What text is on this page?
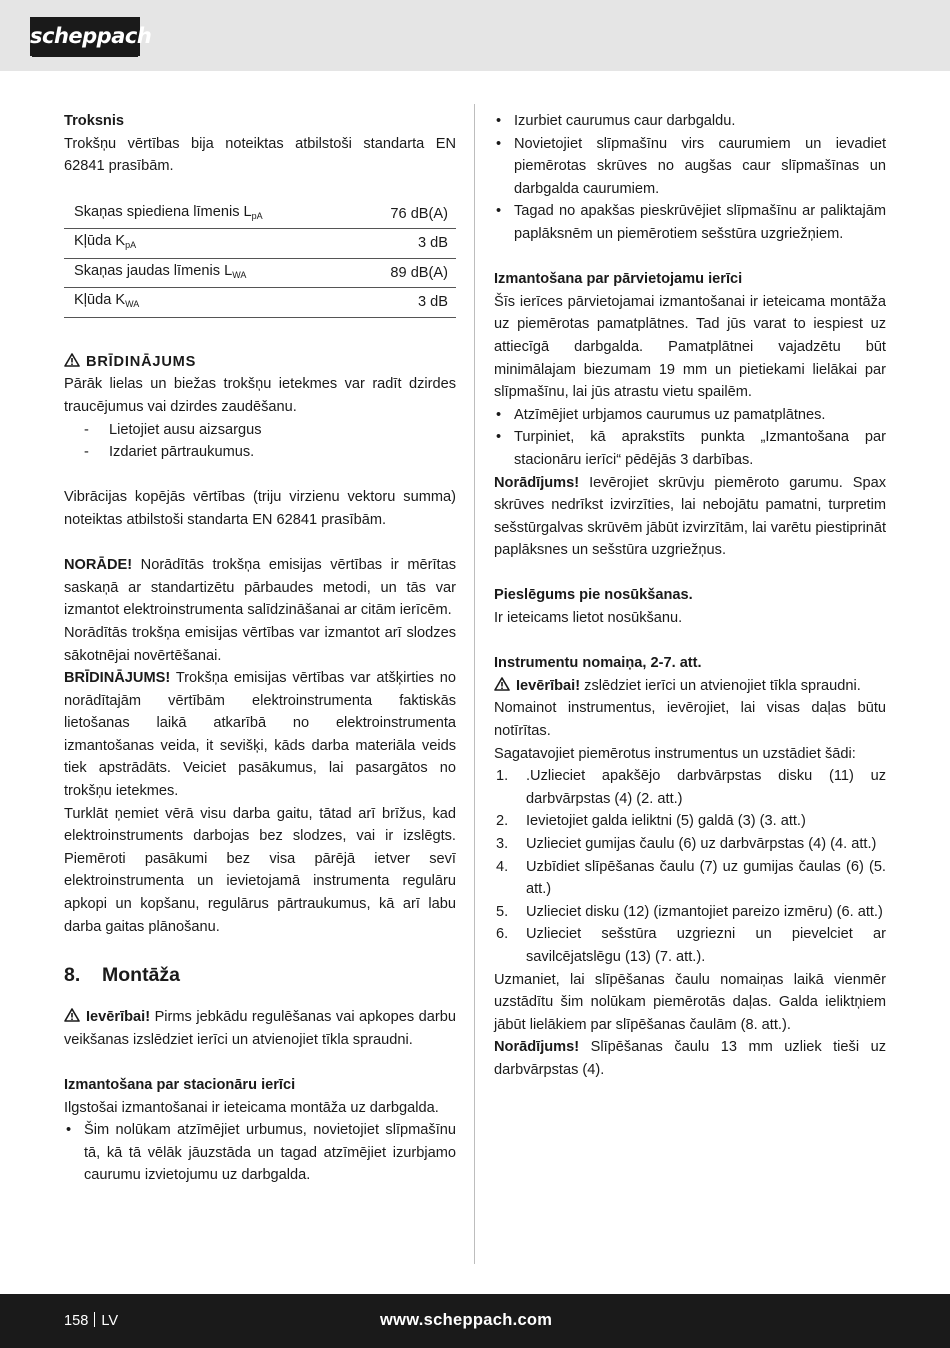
scheppach

Troksnis

Trokšņu vērtības bija noteiktas atbilstoši standarta EN 62841 prasībām.

Skaņas spiediena līmenis $L_{pA}$	76 dB(A)
Kļūda $K_{pA}$	3 dB
Skaņas jaudas līmenis $L_{WA}$	89 dB(A)
Kļūda $K_{WA}$	3 dB

BRĪDINĀJUMS

Pārāk lielas un biežas trokšņu ietekmes var radīt dzirdes traucējumus vai dzirdes zaudēšanu.

- Lietojiet ausu aizsargus
- Izdariet pārtraukumus.

Vibrācijas kopējās vērtības (triju virzienu vektoru summa) noteiktas atbilstoši standarta EN 62841 prasībām.

NORĀDE! Norādītās trokšņa emisijas vērtības ir mērītas saskaņā ar standartizētu pārbaudes metodi, un tās var izmantot elektroinstrumenta salīdzināšanai ar citām ierīcēm.

Norādītās trokšņa emisijas vērtības var izmantot arī slodzes sākotnējai novērtēšanai.

BRĪDINĀJUMS! Trokšņa emisijas vērtības var atšķirties no norādītajām vērtībām elektroinstrumenta faktiskās lietošanas laikā atkarībā no elektroinstrumenta izmantošanas veida, it sevišķi, kāds darba materiāla veids tiek apstrādāts. Veiciet pasākumus, lai pasargātos no trokšņu ietekmes.

Turklāt ņemiet vērā visu darba gaitu, tātad arī brīžus, kad elektroinstruments darbojas bez slodzes, vai ir izslēgts. Piemēroti pasākumi bez visa pārējā ietver sevī elektroinstrumenta un ievietojamā instrumenta regulāru apkopi un kopšanu, regulārus pārtraukumus, kā arī labu darba gaitas plānošanu.

8. Montāža

Ievērībai! Pirms jebkādu regulēšanas vai apkopes darbu veikšanas izslēdziet ierīci un atvienojiet tīkla spraudni.

Izmantošana par stacionāru ierīci

Ilgstošai izmantošanai ir ieteicama montāža uz darbgalda.

• Šim nolūkam atzīmējiet urbumus, novietojiet slīpmašīnu tā, kā tā vēlāk jāuzstāda un tagad atzīmējiet izurbjamo caurumu izvietojumu uz darbgalda.
• Izurbiet caurumus caur darbgaldu.
• Novietojiet slīpmašīnu virs caurumiem un ievadiet piemērotas skrūves no augšas caur slīpmašīnas un darbgalda caurumiem.
• Tagad no apakšas pieskrūvējiet slīpmašīnu ar paliktajām paplāksnēm un piemērotiem sešstūra uzgriežņiem.

Izmantošana par pārvietojamu ierīci

Šīs ierīces pārvietojamai izmantošanai ir ieteicama montāža uz piemērotas pamatplātnes. Tad jūs varat to iespiest uz attiecīgā darbgalda. Pamatplātnei vajadzētu būt minimālajam biezumam 19 mm un pietiekami lielākai par slīpmašīnu, lai jūs atrastu vietu spailēm.

• Atzīmējiet urbjamos caurumus uz pamatplātnes.
• Turpiniet, kā aprakstīts punkta „Izmantošana par stacionāru ierīci“ pēdējās 3 darbības.

Norādījums! Ievērojiet skrūvju piemēroto garumu. Spax skrūves nedrīkst izvirzīties, lai nebojātu pamatni, turpretim sešstūrgalvas skrūvēm jābūt izvirzītām, lai varētu piestiprināt paplāksnes un sešstūra uzgriežņus.

Pieslēgums pie nosūkšanas.

Ir ieteicams lietot nosūkšanu.

Instrumentu nomaiņa, 2-7. att.

Ievērībai! zslēdziet ierīci un atvienojiet tīkla spraudni.

Nomainot instrumentus, ievērojiet, lai visas daļas būtu notīrītas.

Sagatavojiet piemērotus instrumentus un uzstādiet šādi:

1. .Uzlieciet apakšējo darbvārpstas disku (11) uz darbvārpstas (4) (2. att.)
2. Ievietojiet galda ieliktni (5) galdā (3) (3. att.)
3. Uzlieciet gumijas čaulu (6) uz darbvārpstas (4) (4. att.)
4. Uzbīdiet slīpēšanas čaulu (7) uz gumijas čaulas (6) (5. att.)
5. Uzlieciet disku (12) (izmantojiet pareizo izmēru) (6. att.)
6. Uzlieciet sešstūra uzgriezni un pievelciet ar savilcējatslēgu (13) (7. att.).

Uzmaniet, lai slīpēšanas čaulu nomaiņas laikā vienmēr uzstādītu šim nolūkam piemērotās daļas. Galda ieliktņiem jābūt lielākiem par slīpēšanas čaulām (8. att.).

Norādījums! Slīpēšanas čaulu 13 mm uzliek tieši uz darbvārpstas (4).

158 LV	www.scheppach.com
